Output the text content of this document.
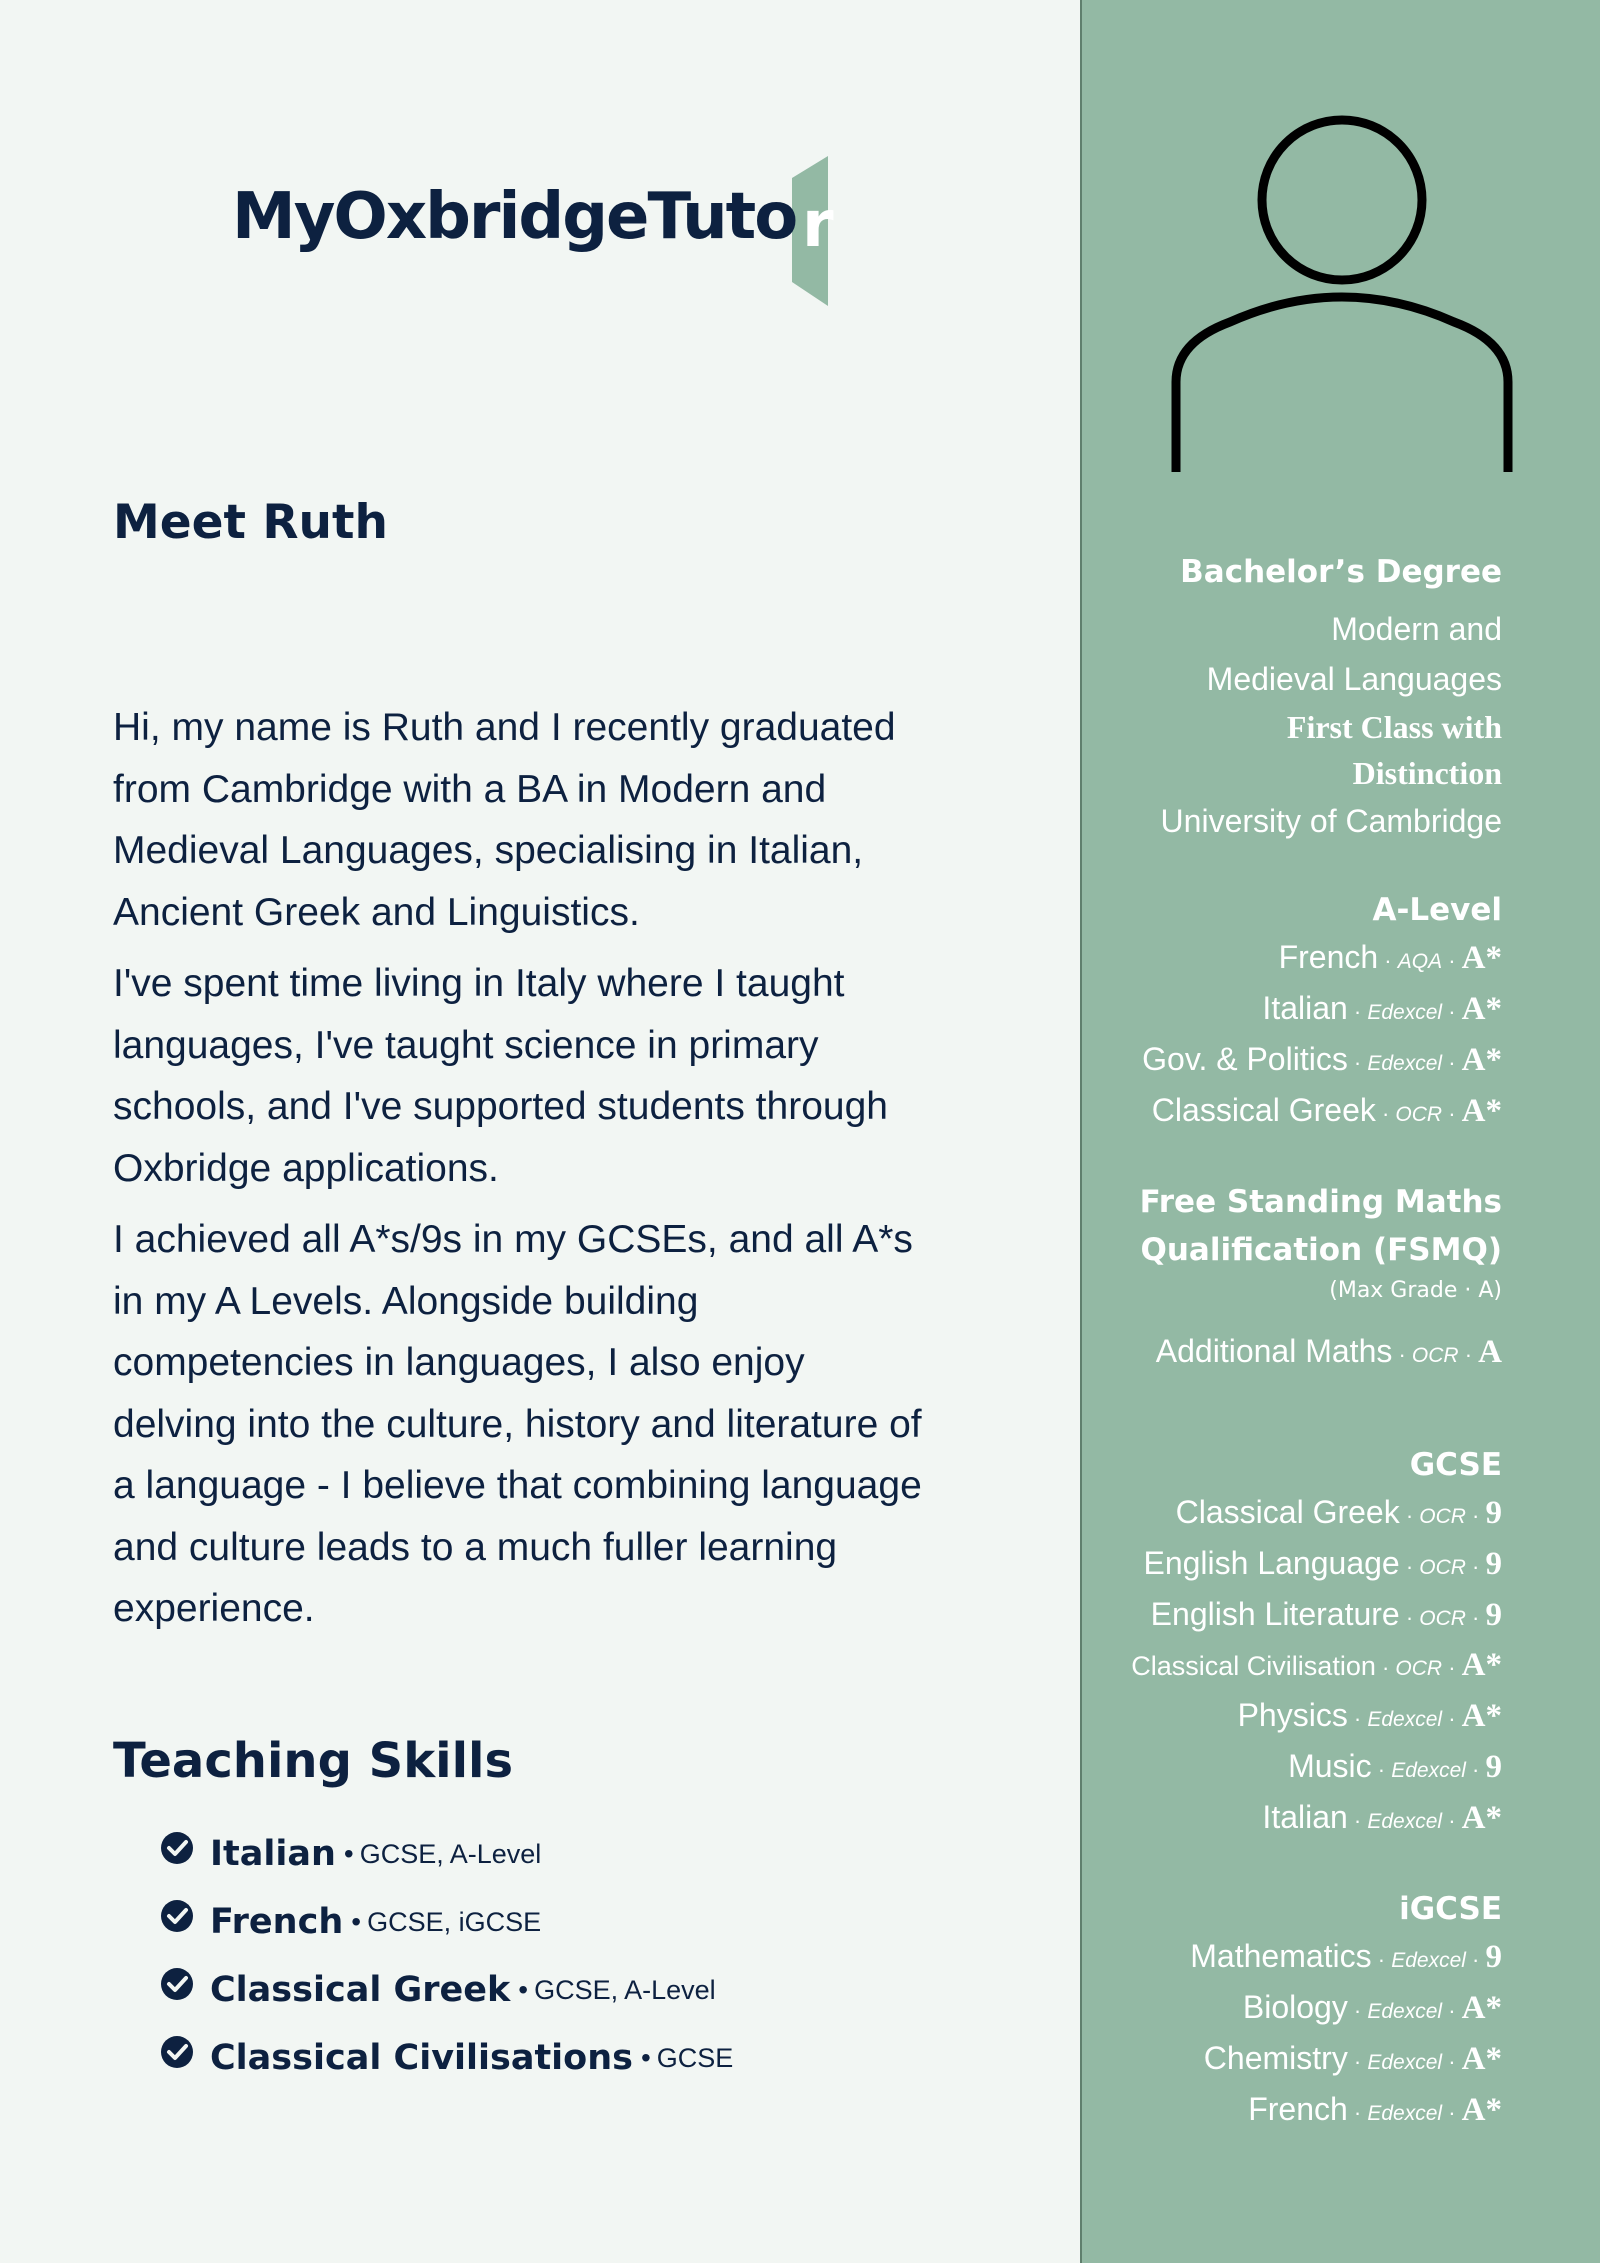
r
MyOxbridgeTuto
Meet Ruth

Hi, my name is Ruth and I recently graduated from Cambridge with a BA in Modern and Medieval Languages, specialising in Italian, Ancient Greek and Linguistics.

I've spent time living in Italy where I taught languages, I've taught science in primary schools, and I've supported students through Oxbridge applications.

I achieved all A*s/9s in my GCSEs, and all A*s in my A Levels. Alongside building competencies in languages, I also enjoy delving into the culture, history and literature of a language - I believe that combining language and culture leads to a much fuller learning experience.

Teaching Skills
Italian • GCSE, A-Level
French • GCSE, iGCSE
Classical Greek • GCSE, A-Level
Classical Civilisations • GCSE
Bachelor’s Degree
Modern and
Medieval Languages
First Class with
Distinction
University of Cambridge
A-Level
French · AQA · A*
Italian · Edexcel · A*
Gov. & Politics · Edexcel · A*
Classical Greek · OCR · A*
Free Standing Maths
Qualification (FSMQ)
(Max Grade · A)
Additional Maths · OCR · A
GCSE
Classical Greek · OCR · 9
English Language · OCR · 9
English Literature · OCR · 9
Classical Civilisation · OCR · A*
Physics · Edexcel · A*
Music · Edexcel · 9
Italian · Edexcel · A*
iGCSE
Mathematics · Edexcel · 9
Biology · Edexcel · A*
Chemistry · Edexcel · A*
French · Edexcel · A*
